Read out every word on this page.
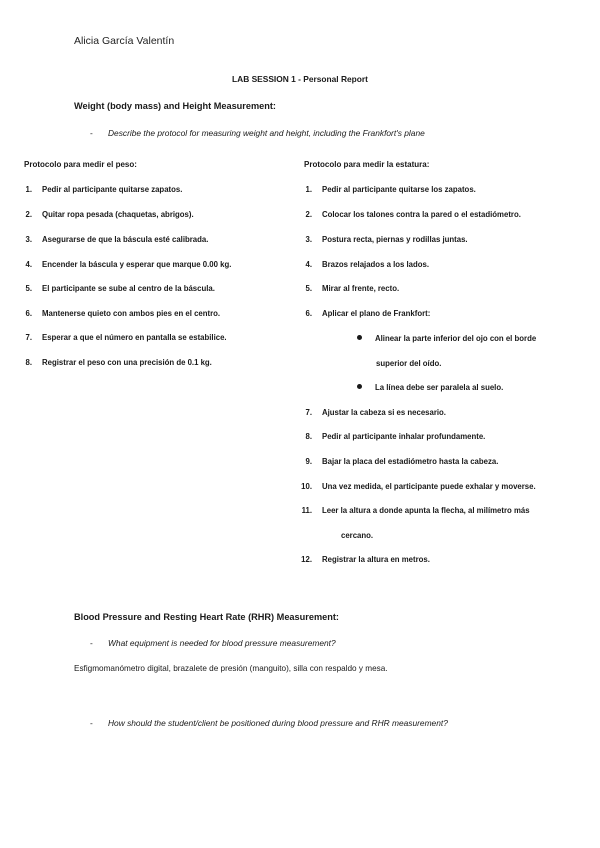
Alicia García Valentín
LAB SESSION 1 - Personal Report
Weight (body mass) and Height Measurement:
- Describe the protocol for measuring weight and height, including the Frankfort's plane
Protocolo para medir el peso:
1. Pedir al participante quitarse zapatos.
2. Quitar ropa pesada (chaquetas, abrigos).
3. Asegurarse de que la báscula esté calibrada.
4. Encender la báscula y esperar que marque 0.00 kg.
5. El participante se sube al centro de la báscula.
6. Mantenerse quieto con ambos pies en el centro.
7. Esperar a que el número en pantalla se estabilice.
8. Registrar el peso con una precisión de 0.1 kg.
Protocolo para medir la estatura:
1. Pedir al participante quitarse los zapatos.
2. Colocar los talones contra la pared o el estadiómetro.
3. Postura recta, piernas y rodillas juntas.
4. Brazos relajados a los lados.
5. Mirar al frente, recto.
6. Aplicar el plano de Frankfort:
Alinear la parte inferior del ojo con el borde
superior del oído.
La línea debe ser paralela al suelo.
7. Ajustar la cabeza si es necesario.
8. Pedir al participante inhalar profundamente.
9. Bajar la placa del estadiómetro hasta la cabeza.
10. Una vez medida, el participante puede exhalar y moverse.
11. Leer la altura a donde apunta la flecha, al milímetro más
cercano.
12. Registrar la altura en metros.
Blood Pressure and Resting Heart Rate (RHR) Measurement:
- What equipment is needed for blood pressure measurement?
Esfigmomanómetro digital, brazalete de presión (manguito), silla con respaldo y mesa.
- How should the student/client be positioned during blood pressure and RHR measurement?
